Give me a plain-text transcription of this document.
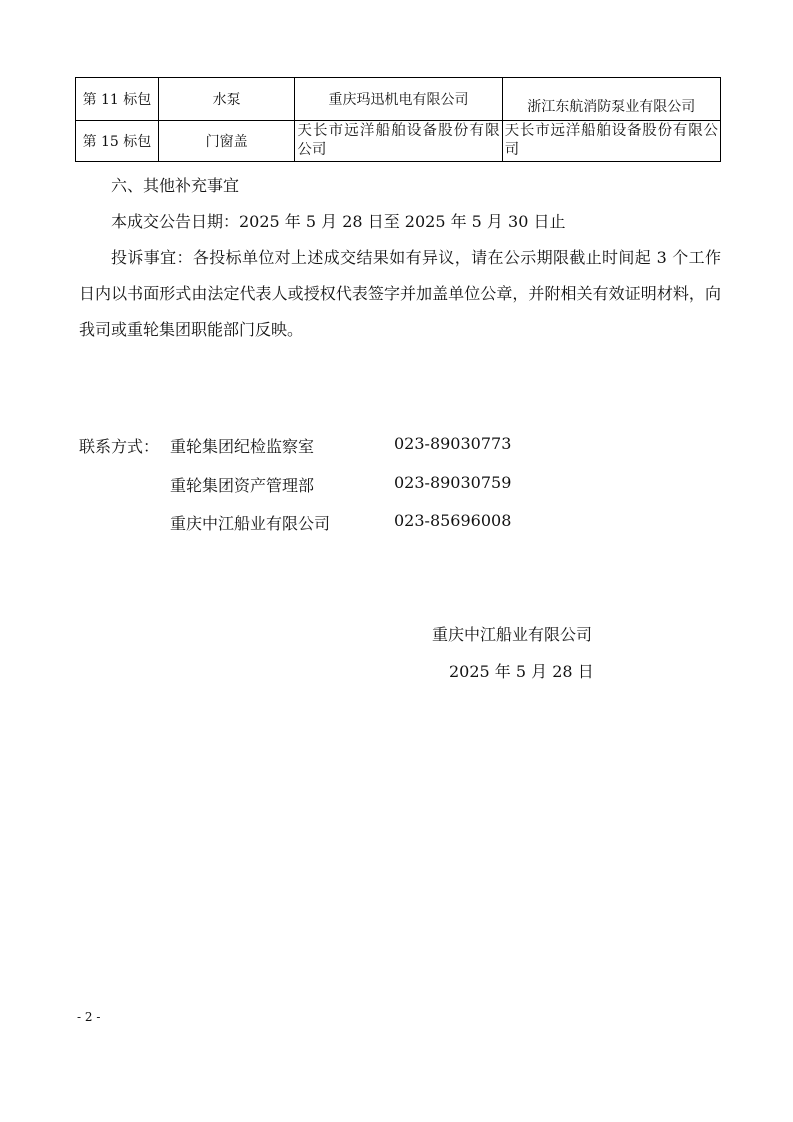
第 11 标包	水泵	重庆玛迅机电有限公司	浙江东航消防泵业有限公司
第 15 标包	门窗盖	天长市远洋船舶设备股份有限公司	天长市远洋船舶设备股份有限公司

六、其他补充事宜

本成交公告日期：2025 年 5 月 28 日至 2025 年 5 月 30 日止

投诉事宜：各投标单位对上述成交结果如有异议，请在公示期限截止时间起 3 个工作日内以书面形式由法定代表人或授权代表签字并加盖单位公章，并附相关有效证明材料，向我司或重轮集团职能部门反映。

联系方式： 重轮集团纪检监察室	023-89030773
重轮集团资产管理部	023-89030759
重庆中江船业有限公司	023-85696008
重庆中江船业有限公司
2025 年 5 月 28 日
- 2 -
